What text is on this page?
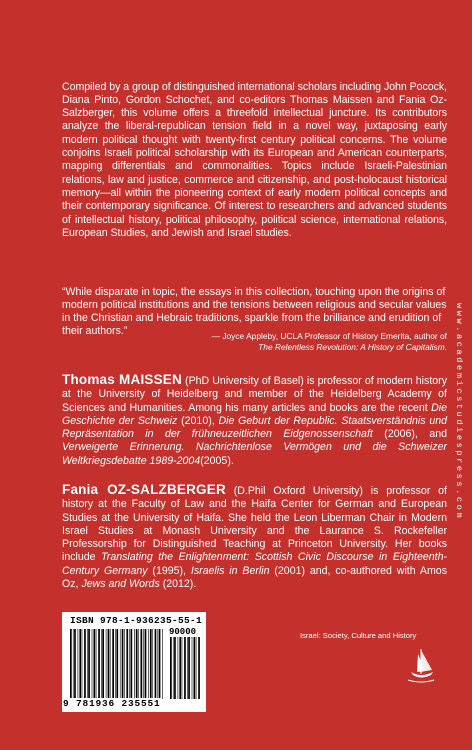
Compiled by a group of distinguished international scholars including John Pocock, Diana Pinto, Gordon Schochet, and co-editors Thomas Maissen and Fania Oz-Salzberger, this volume offers a threefold intellectual juncture. Its contributors analyze the liberal-republican tension field in a novel way, juxtaposing early modern political thought with twenty-first century political concerns. The volume conjoins Israeli political scholarship with its European and American counterparts, mapping differentials and commonalities. Topics include Israeli-Palestinian relations, law and justice, commerce and citizenship, and post-holocaust historical memory—all within the pioneering context of early modern political concepts and their contemporary significance. Of interest to researchers and advanced students of intellectual history, political philosophy, political science, international relations, European Studies, and Jewish and Israel studies.

“While disparate in topic, the essays in this collection, touching upon the origins of modern political institutions and the tensions between religious and secular values in the Christian and Hebraic traditions, sparkle from the brilliance and erudition of their authors.”	— Joyce Appleby, UCLA Professor of History Emerita, author of
The Relentless Revolution: A History of Capitalism.
Thomas MAISSEN (PhD University of Basel) is professor of modern history at the University of Heidelberg and member of the Heidelberg Academy of Sciences and Humanities. Among his many articles and books are the recent Die Geschichte der Schweiz (2010), Die Geburt der Republic. Staatsverständnis und Repräsentation in der frühneuzeitlichen Eidgenossenschaft (2006), and Verweigerte Erinnerung. Nachrichtenlose Vermögen und die Schweizer Weltkriegsdebatte 1989-2004(2005).
Fania OZ-SALZBERGER (D.Phil Oxford University) is professor of history at the Faculty of Law and the Haifa Center for German and European Studies at the University of Haifa. She held the Leon Liberman Chair in Modern Israel Studies at Monash University and the Laurance S. Rockefeller Professorship for Distinguished Teaching at Princeton University. Her books include Translating the Enlightenment: Scottish Civic Discourse in Eighteenth-Century Germany (1995), Israelis in Berlin (2001) and, co-authored with Amos Oz, Jews and Words (2012).
www.academicstudiespress.com
ISBN 978-1-936235-55-1
90000
9 781936 235551
Israel: Society, Culture and History
